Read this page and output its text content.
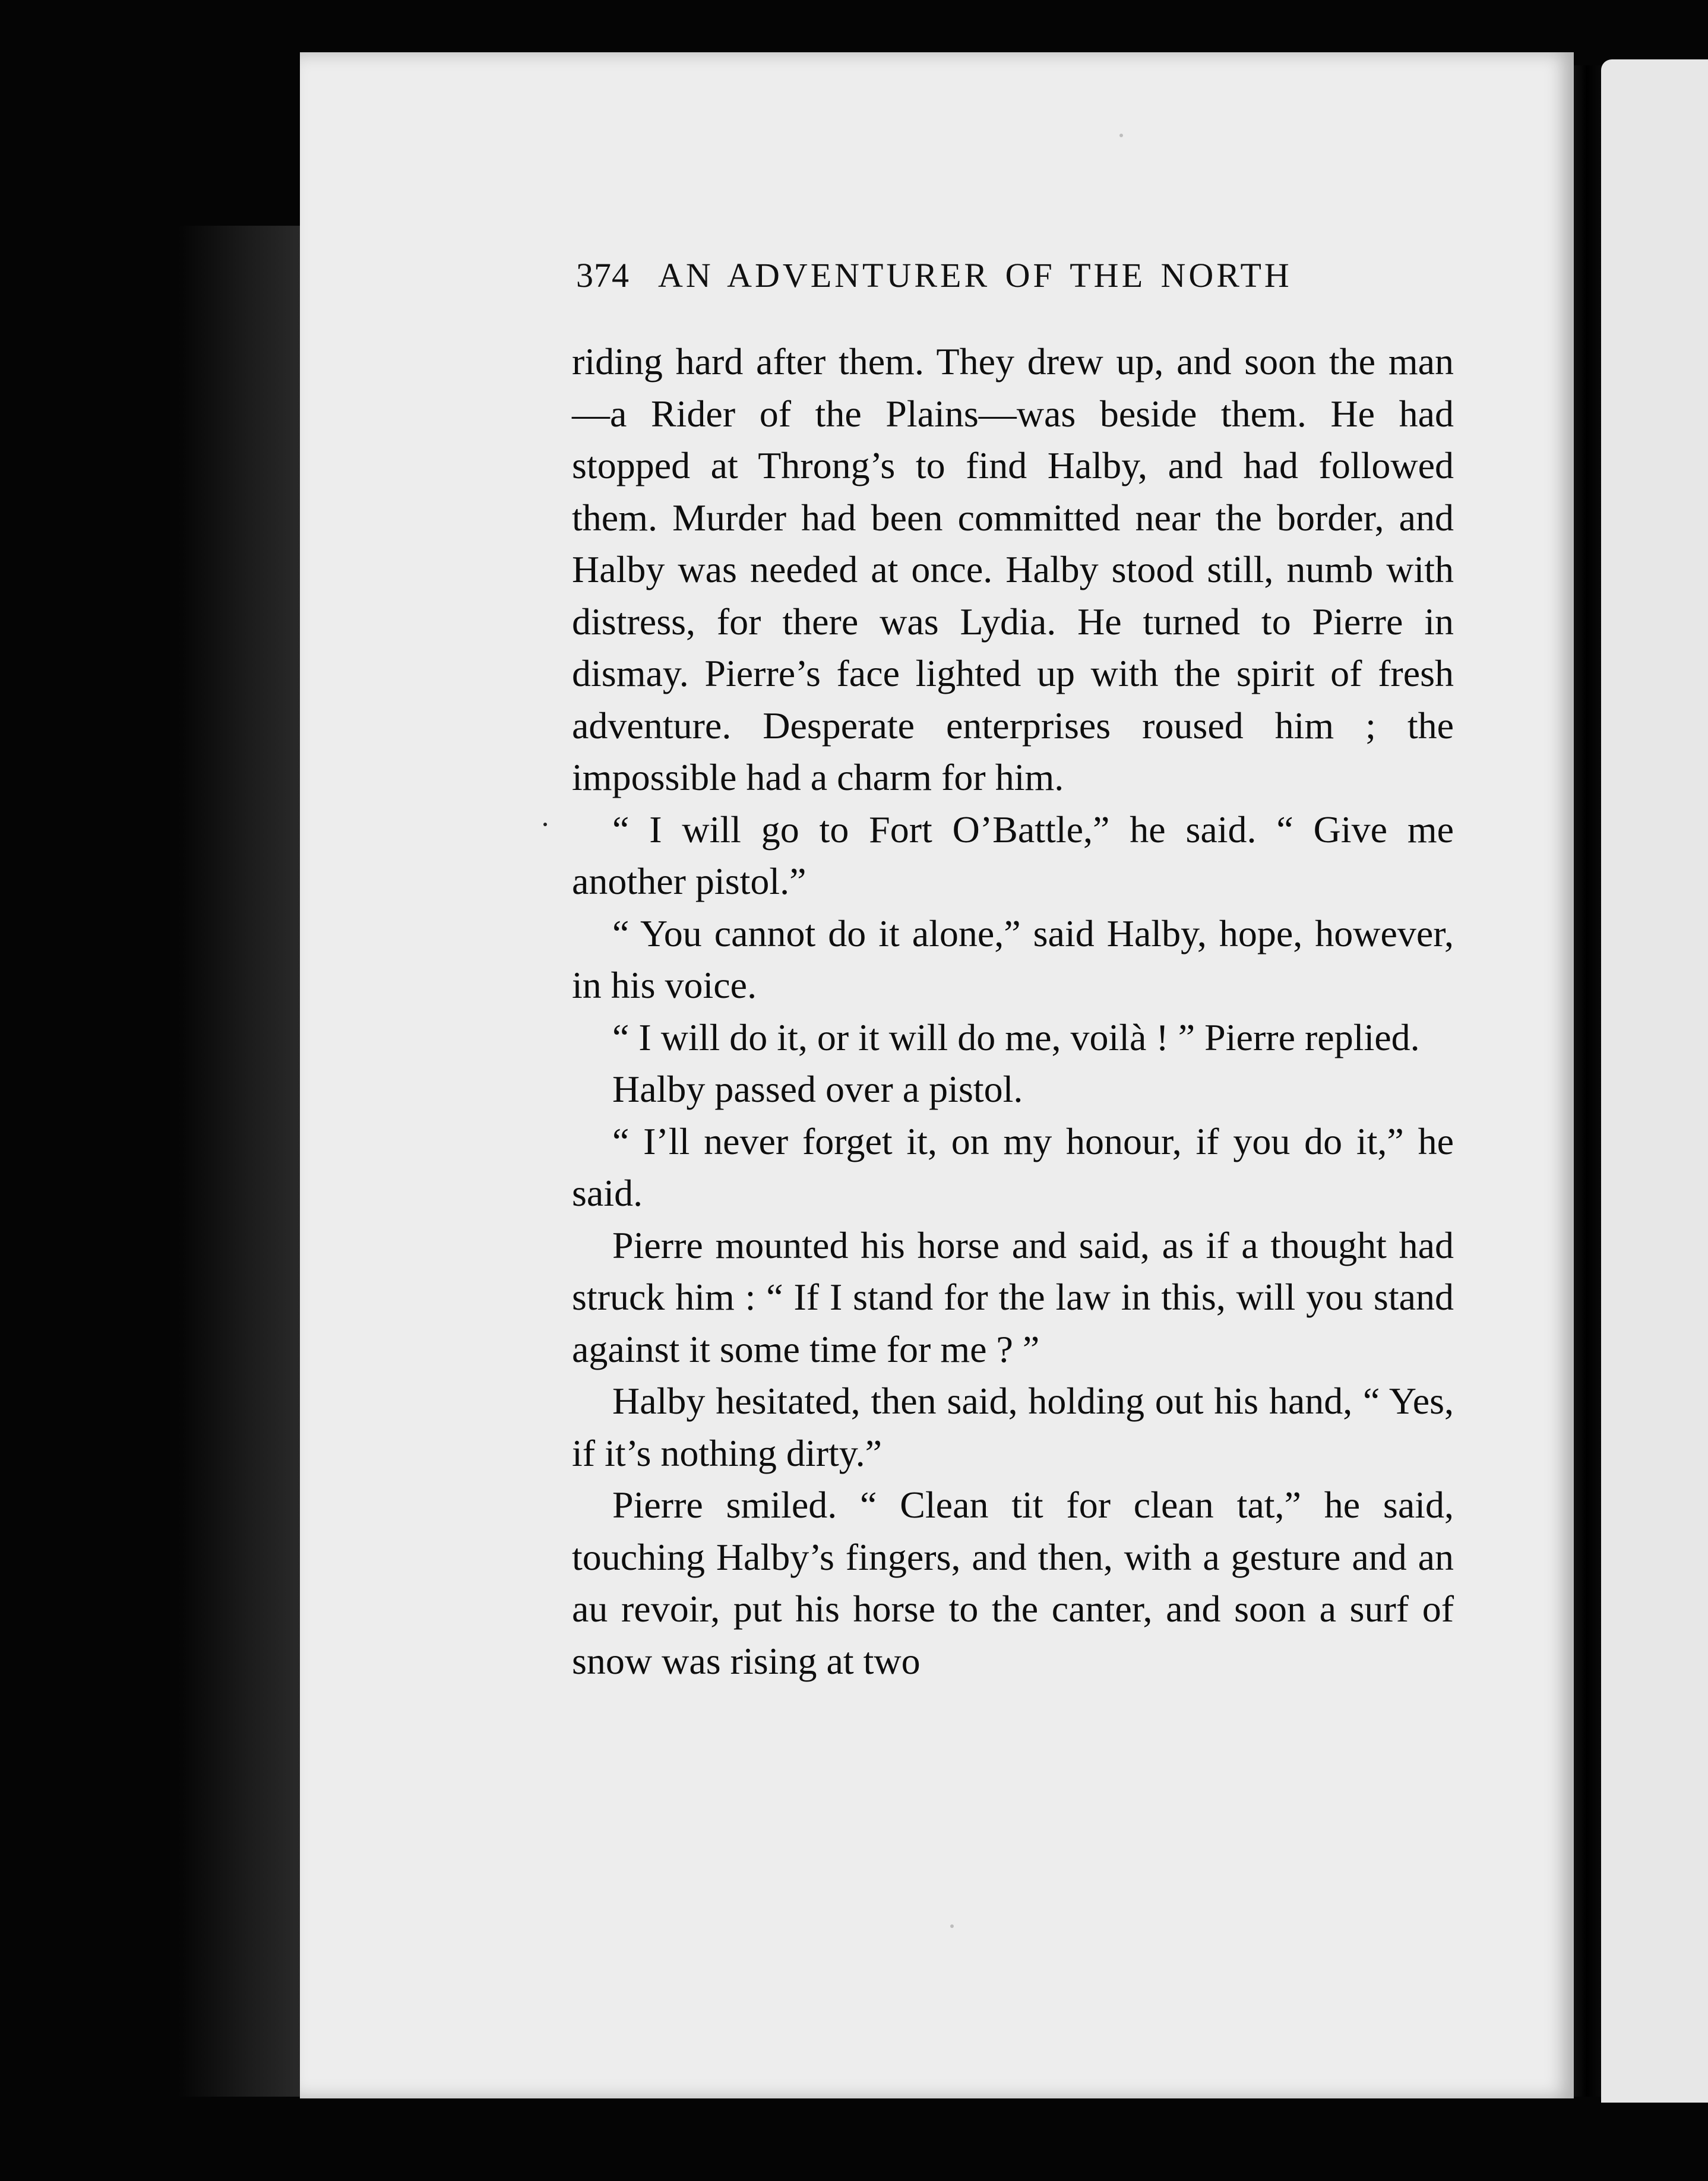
374 AN ADVENTURER OF THE NORTH

riding hard after them. They drew up, and soon the man—a Rider of the Plains—was beside them. He had stopped at Throng’s to find Halby, and had followed them. Murder had been committed near the border, and Halby was needed at once. Halby stood still, numb with distress, for there was Lydia. He turned to Pierre in dismay. Pierre’s face lighted up with the spirit of fresh adventure. Desperate enterprises roused him ; the impossible had a charm for him.

“ I will go to Fort O’Battle,” he said. “ Give me another pistol.”

“ You cannot do it alone,” said Halby, hope, however, in his voice.

“ I will do it, or it will do me, voilà ! ” Pierre replied.

Halby passed over a pistol.

“ I’ll never forget it, on my honour, if you do it,” he said.

Pierre mounted his horse and said, as if a thought had struck him : “ If I stand for the law in this, will you stand against it some time for me ? ”

Halby hesitated, then said, holding out his hand, “ Yes, if it’s nothing dirty.”

Pierre smiled. “ Clean tit for clean tat,” he said, touching Halby’s fingers, and then, with a gesture and an au revoir, put his horse to the canter, and soon a surf of snow was rising at two
